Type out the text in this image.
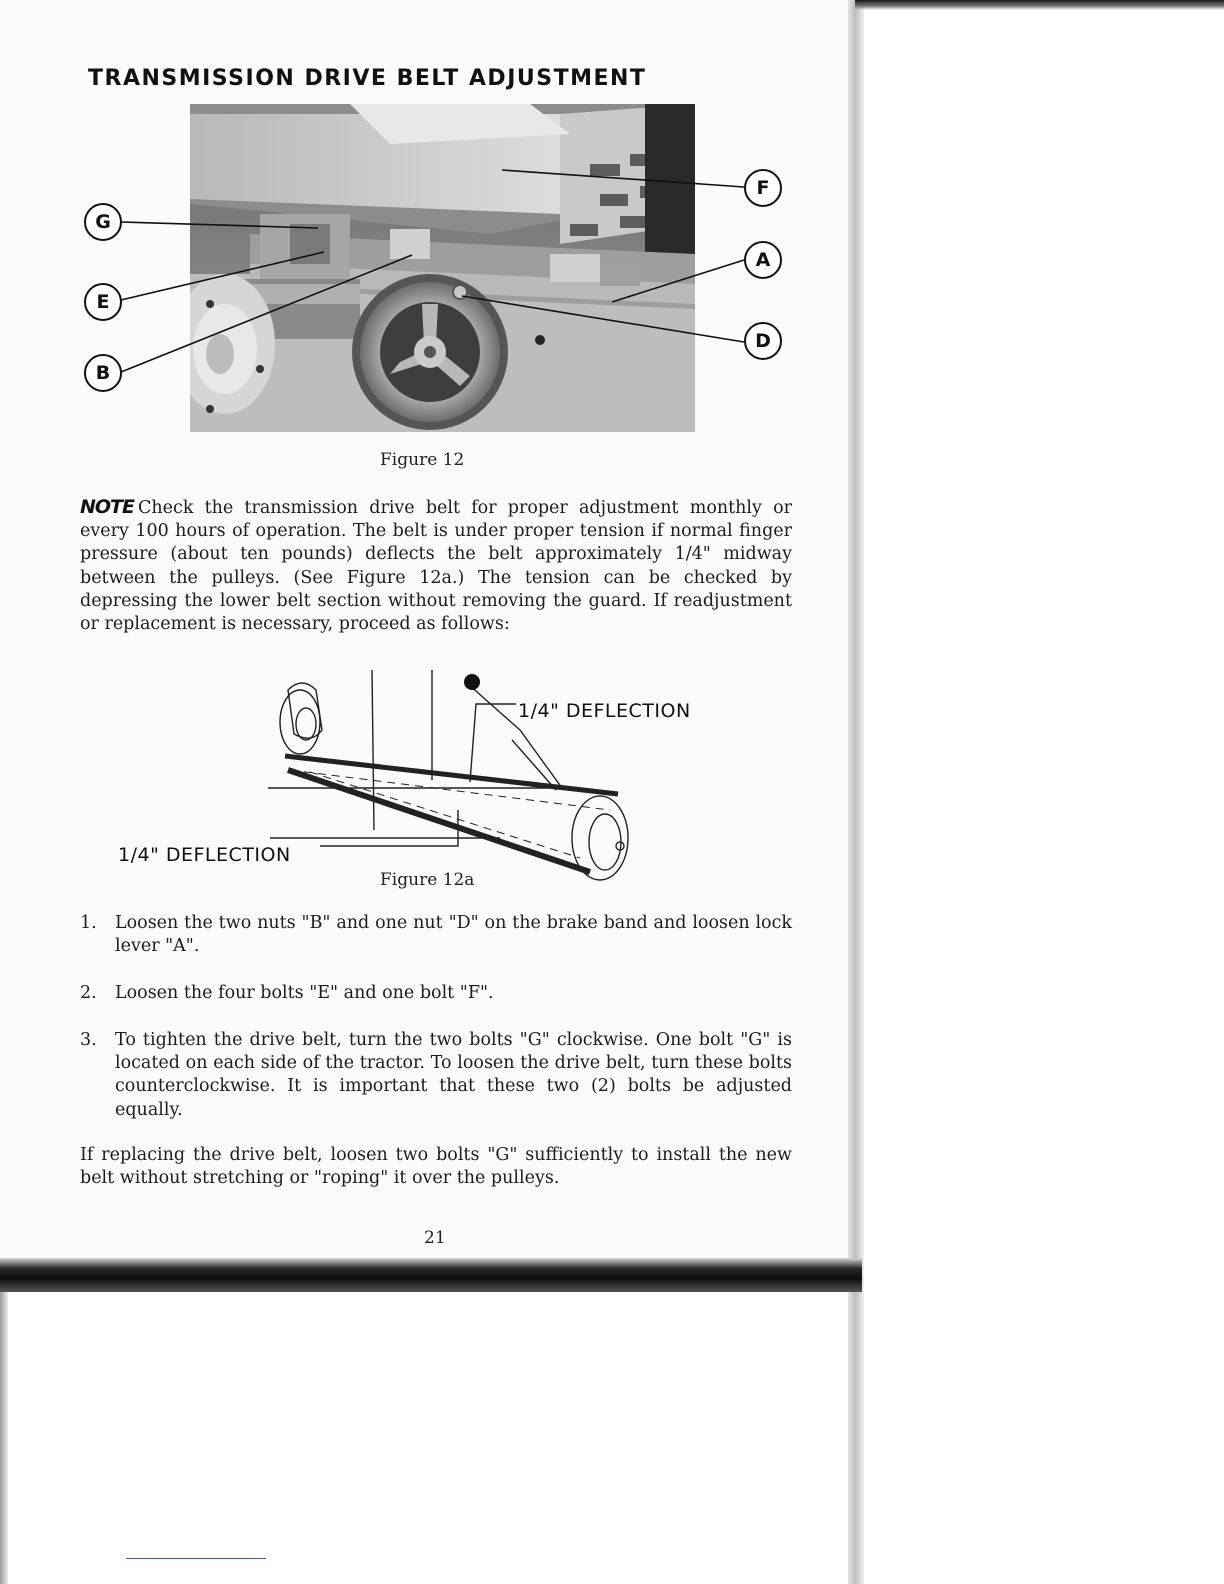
TRANSMISSION DRIVE BELT ADJUSTMENT
G
E
B
F
A
D
Figure 12
NOTE Check the transmission drive belt for proper adjustment monthly or every 100 hours of operation. The belt is under proper tension if normal finger pressure (about ten pounds) deflects the belt approximately 1/4" midway between the pulleys. (See Figure 12a.) The tension can be checked by depressing the lower belt section without removing the guard. If readjustment or replacement is necessary, proceed as follows:
1/4" DEFLECTION
1/4" DEFLECTION
Figure 12a
1. Loosen the two nuts "B" and one nut "D" on the brake band and loosen lock lever "A".
2. Loosen the four bolts "E" and one bolt "F".
3. To tighten the drive belt, turn the two bolts "G" clockwise. One bolt "G" is located on each side of the tractor. To loosen the drive belt, turn these bolts counterclockwise. It is important that these two (2) bolts be adjusted equally.
If replacing the drive belt, loosen two bolts "G" sufficiently to install the new belt without stretching or "roping" it over the pulleys.
21
